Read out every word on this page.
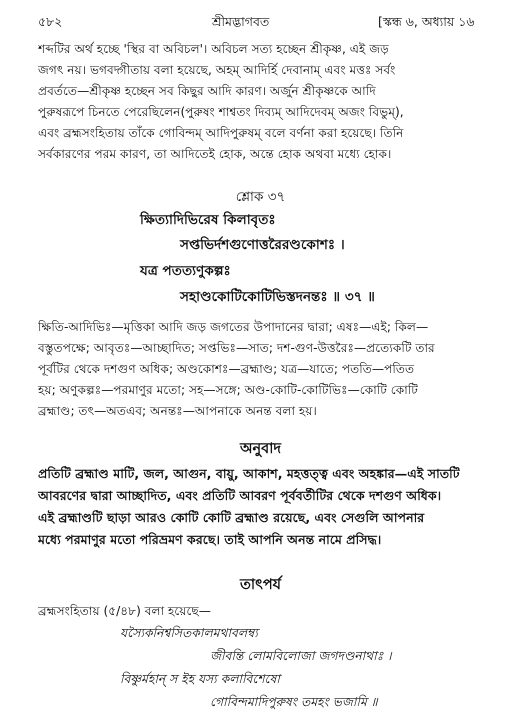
৫৮২	শ্রীমদ্ভাগবত	[স্কন্ধ ৬, অধ্যায় ১৬
শব্দটির অর্থ হচ্ছে 'স্থির বা অবিচল'। অবিচল সত্য হচ্ছেন শ্রীকৃষ্ণ, এই জড়
জগৎ নয়। ভগবদ্গীতায় বলা হয়েছে, অহম্ আদির্হি দেবানাম্ এবং মত্তঃ সর্বং
প্রবর্ততে—শ্রীকৃষ্ণ হচ্ছেন সব কিছুর আদি কারণ। অর্জুন শ্রীকৃষ্ণকে আদি
পুরুষরূপে চিনতে পেরেছিলেন(পুরুষং শাশ্বতং দিব্যম্ আদিদেবম্ অজং বিভুম্),
এবং ব্রহ্মসংহিতায় তাঁকে গোবিন্দম্ আদিপুরুষম্ বলে বর্ণনা করা হয়েছে। তিনি
সর্বকারণের পরম কারণ, তা আদিতেই হোক, অন্তে হোক অথবা মধ্যে হোক।
শ্লোক ৩৭
ক্ষিত্যাদিভিরেষ কিলাবৃতঃ
সপ্তভির্দশগুণোত্তরৈরণ্ডকোশঃ ।
যত্র পতত্যণুকল্পঃ
সহাণ্ডকোটিকোটিভিস্তদনন্তঃ ॥ ৩৭ ॥
ক্ষিতি-আদিভিঃ—মৃত্তিকা আদি জড় জগতের উপাদানের দ্বারা; এষঃ—এই; কিল—
বস্তুতপক্ষে; আবৃতঃ—আচ্ছাদিত; সপ্তভিঃ—সাত; দশ-গুণ-উত্তরৈঃ—প্রত্যেকটি তার
পূর্বটির থেকে দশগুণ অধিক; অণ্ডকোশঃ—ব্রহ্মাণ্ড; যত্র—যাতে; পততি—পতিত
হয়; অণুকল্পঃ—পরমাণুর মতো; সহ—সঙ্গে; অণ্ড-কোটি-কোটিভিঃ—কোটি কোটি
ব্রহ্মাণ্ড; তৎ—অতএব; অনন্তঃ—আপনাকে অনন্ত বলা হয়।
অনুবাদ
প্রতিটি ব্রহ্মাণ্ড মাটি, জল, আগুন, বায়ু, আকাশ, মহত্তত্ত্ব এবং অহঙ্কার—এই সাতটি
আবরণের দ্বারা আচ্ছাদিত, এবং প্রতিটি আবরণ পূর্ববর্তীটির থেকে দশগুণ অধিক।
এই ব্রহ্মাণ্ডটি ছাড়া আরও কোটি কোটি ব্রহ্মাণ্ড রয়েছে, এবং সেগুলি আপনার
মধ্যে পরমাণুর মতো পরিভ্রমণ করছে। তাই আপনি অনন্ত নামে প্রসিদ্ধ।
তাৎপর্য
ব্রহ্মসংহিতায় (৫/৪৮) বলা হয়েছে—
যস্যৈকনিশ্বসিতকালমথাবলম্ব্য
জীবন্তি লোমবিলোজা জগদণ্ডনাথাঃ ।
বিষ্ণুর্মহান্ স ইহ যস্য কলাবিশেষো
গোবিন্দমাদিপুরুষং তমহং ভজামি ॥
